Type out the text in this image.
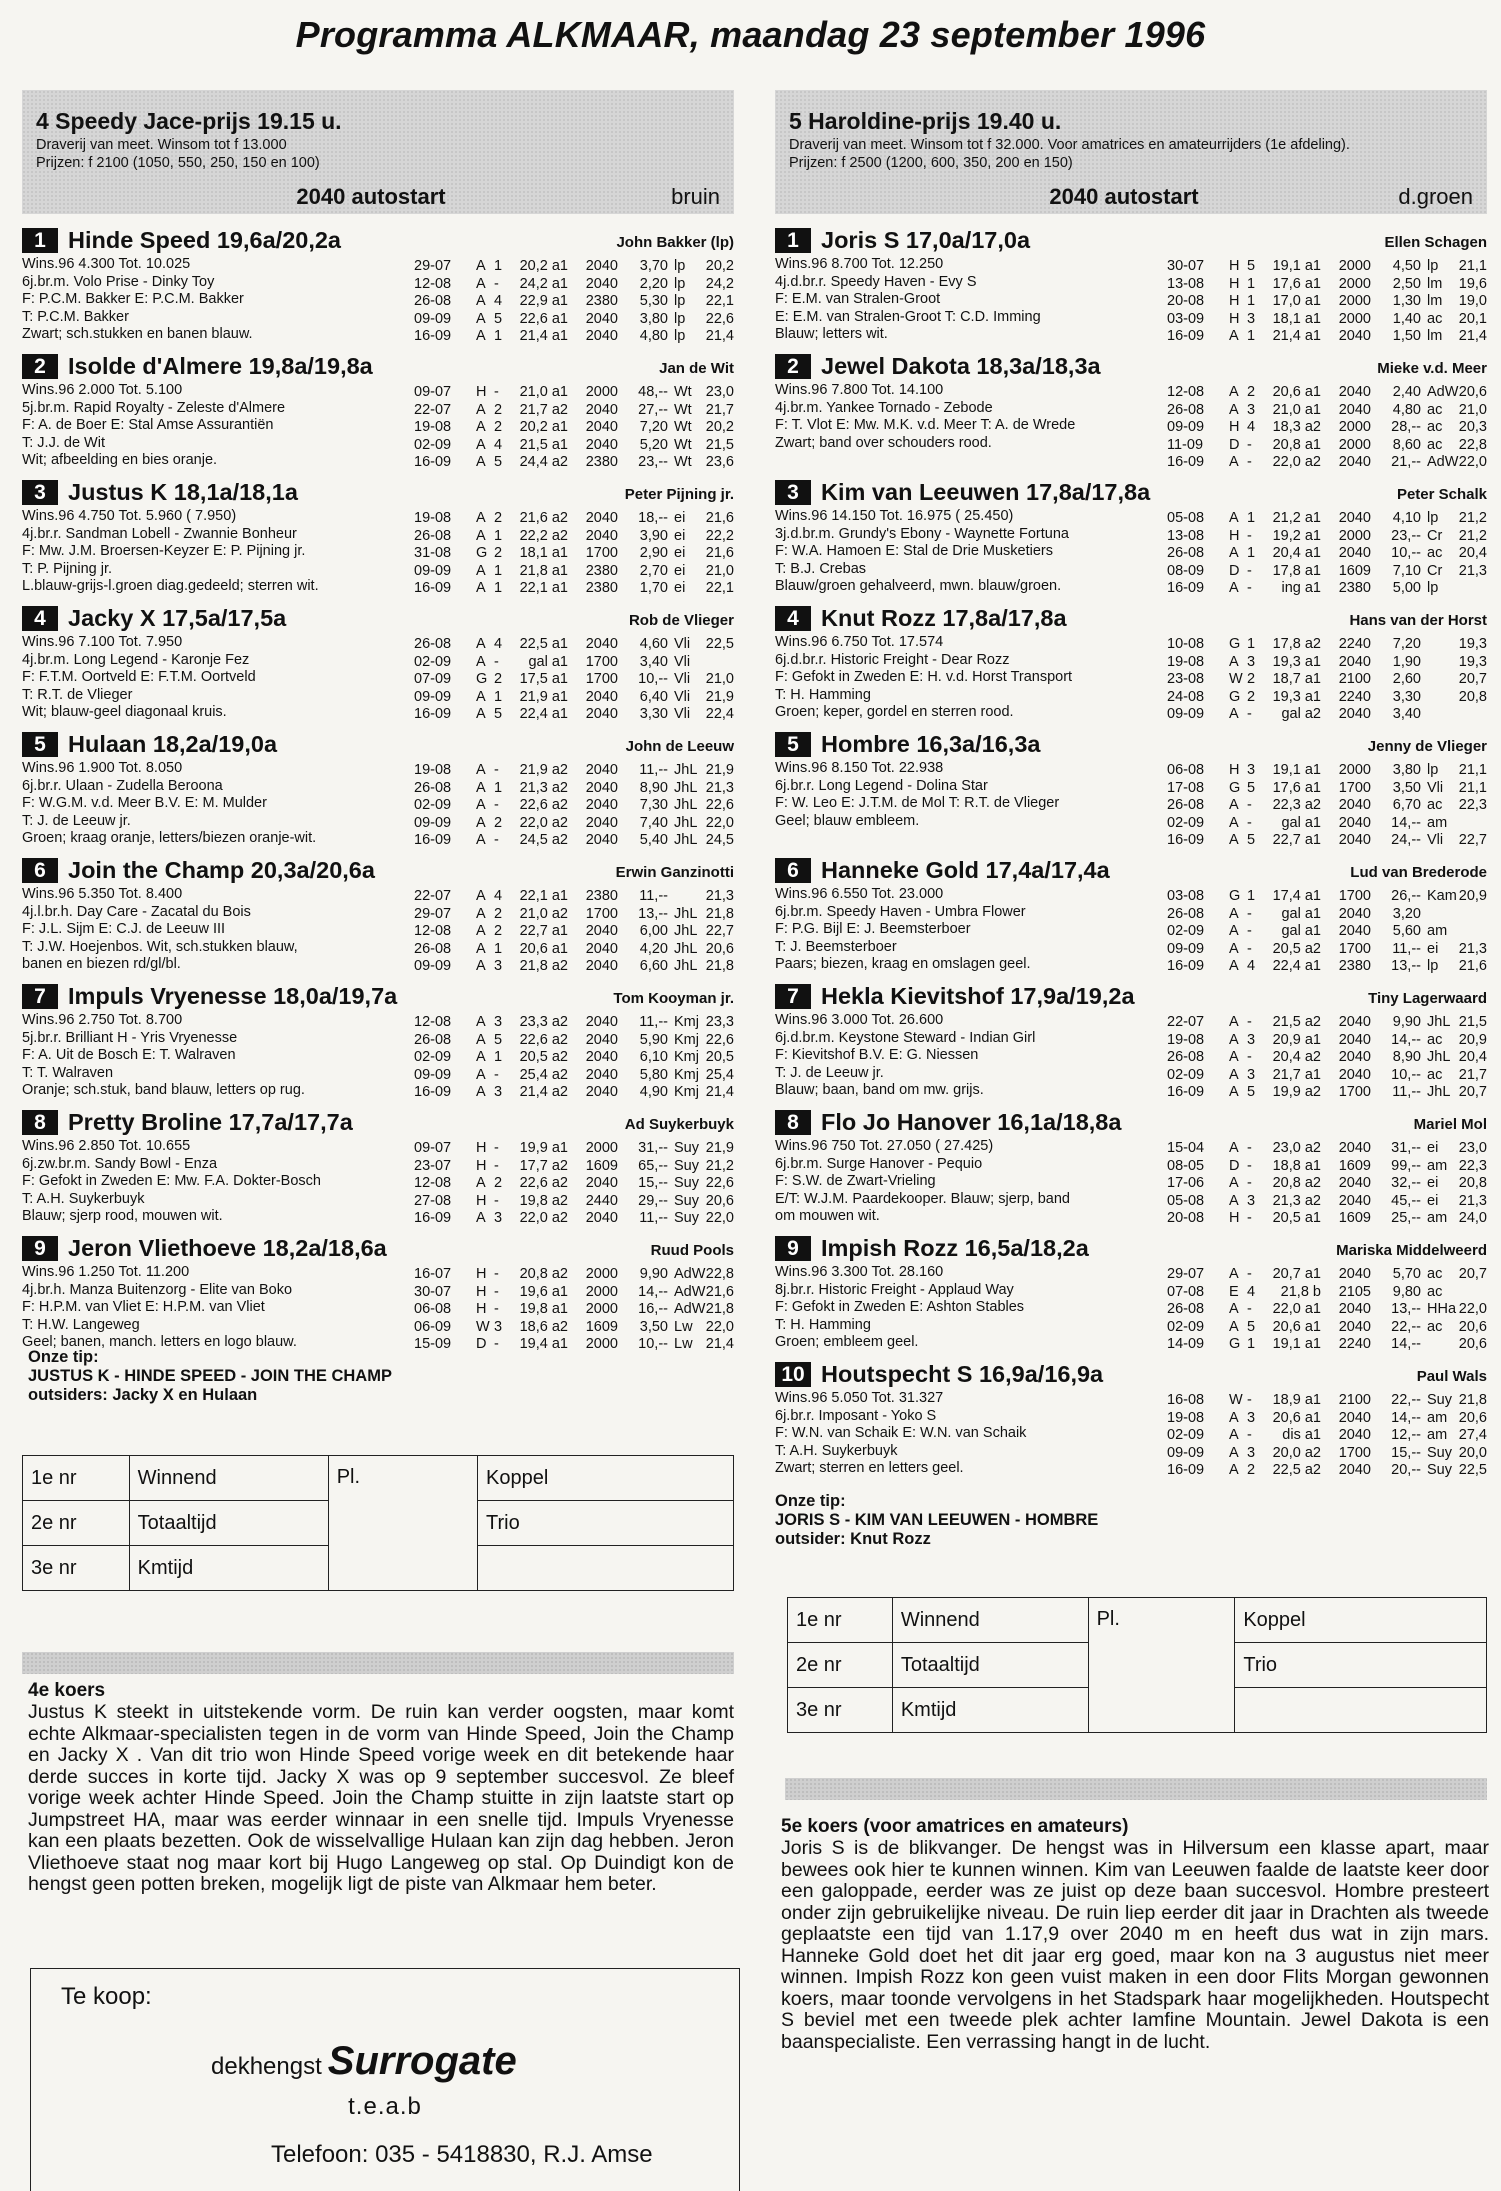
Programma ALKMAAR, maandag 23 september 1996
4 Speedy Jace-prijs 19.15 u.
Draverij van meet. Winsom tot f 13.000
Prijzen: f 2100 (1050, 550, 250, 150 en 100)
2040 autostart	bruin
1 Hinde Speed 19,6a/20,2a	John Bakker (lp)
Wins.96 4.300 Tot. 10.025
6j.br.m. Volo Prise - Dinky Toy
F: P.C.M. Bakker E: P.C.M. Bakker
T: P.C.M. Bakker
Zwart; sch.stukken en banen blauw.
29-07	A 1	20,2 a1	2040	3,70 lp	20,2
12-08	A -	24,2 a1	2040	2,20 lp	24,2
26-08	A 4	22,9 a1	2380	5,30 lp	22,1
09-09	A 5	22,6 a1	2040	3,80 lp	22,6
16-09	A 1	21,4 a1	2040	4,80 lp	21,4
2 Isolde d'Almere 19,8a/19,8a	Jan de Wit
Wins.96 2.000 Tot. 5.100
5j.br.m. Rapid Royalty - Zeleste d'Almere
F: A. de Boer E: Stal Amse Assurantiën
T: J.J. de Wit
Wit; afbeelding en bies oranje.
09-07	H -	21,0 a1	2000	48,-- Wt 23,0
22-07	A 2	21,7 a2	2040	27,-- Wt 21,7
19-08	A 2	20,2 a1	2040	7,20 Wt 20,2
02-09	A 4	21,5 a1	2040	5,20 Wt 21,5
16-09	A 5	24,4 a2	2380	23,-- Wt 23,6
3 Justus K 18,1a/18,1a	Peter Pijning jr.
Wins.96 4.750 Tot. 5.960 ( 7.950)
4j.br.r. Sandman Lobell - Zwannie Bonheur
F: Mw. J.M. Broersen-Keyzer E: P. Pijning jr.
T: P. Pijning jr.
L.blauw-grijs-l.groen diag.gedeeld; sterren wit.
19-08	A 2	21,6 a2	2040	18,-- ei	21,6
26-08	A 1	22,2 a2	2040	3,90 ei	22,2
31-08	G 2	18,1 a1	1700	2,90 ei	21,6
09-09	A 1	21,8 a1	2380	2,70 ei	21,0
16-09	A 1	22,1 a1	2380	1,70 ei	22,1
4 Jacky X 17,5a/17,5a	Rob de Vlieger
Wins.96 7.100 Tot. 7.950
4j.br.m. Long Legend - Karonje Fez
F: F.T.M. Oortveld E: F.T.M. Oortveld
T: R.T. de Vlieger
Wit; blauw-geel diagonaal kruis.
26-08	A 4	22,5 a1	2040	4,60 Vli	22,5
02-09	A -	gal a1	1700	3,40 Vli
07-09	G 2	17,5 a1	1700	10,-- Vli	21,0
09-09	A 1	21,9 a1	2040	6,40 Vli	21,9
16-09	A 5	22,4 a1	2040	3,30 Vli	22,4
5 Hulaan 18,2a/19,0a	John de Leeuw
Wins.96 1.900 Tot. 8.050
6j.br.r. Ulaan - Zudella Beroona
F: W.G.M. v.d. Meer B.V. E: M. Mulder
T: J. de Leeuw jr.
Groen; kraag oranje, letters/biezen oranje-wit.
19-08	A -	21,9 a2	2040	11,-- JhL 21,9
26-08	A 1	21,3 a2	2040	8,90 JhL 21,3
02-09	A -	22,6 a2	2040	7,30 JhL 22,6
09-09	A 2	22,0 a2	2040	7,40 JhL 22,0
16-09	A -	24,5 a2	2040	5,40 JhL 24,5
6 Join the Champ 20,3a/20,6a	Erwin Ganzinotti
Wins.96 5.350 Tot. 8.400
4j.l.br.h. Day Care - Zacatal du Bois
F: J.L. Sijm E: C.J. de Leeuw III
T: J.W. Hoejenbos. Wit, sch.stukken blauw,
banen en biezen rd/gl/bl.
22-07	A 4	22,1 a1	2380	11,--	21,3
29-07	A 2	21,0 a2	1700	13,-- JhL 21,8
12-08	A 2	22,7 a1	2040	6,00 JhL 22,7
26-08	A 1	20,6 a1	2040	4,20 JhL 20,6
09-09	A 3	21,8 a2	2040	6,60 JhL 21,8
7 Impuls Vryenesse 18,0a/19,7a	Tom Kooyman jr.
Wins.96 2.750 Tot. 8.700
5j.br.r. Brilliant H - Yris Vryenesse
F: A. Uit de Bosch E: T. Walraven
T: T. Walraven
Oranje; sch.stuk, band blauw, letters op rug.
12-08	A 3	23,3 a2	2040	11,-- Kmj 23,3
26-08	A 5	22,6 a2	2040	5,90 Kmj 22,6
02-09	A 1	20,5 a2	2040	6,10 Kmj 20,5
09-09	A -	25,4 a2	2040	5,80 Kmj 25,4
16-09	A 3	21,4 a2	2040	4,90 Kmj 21,4
8 Pretty Broline 17,7a/17,7a	Ad Suykerbuyk
Wins.96 2.850 Tot. 10.655
6j.zw.br.m. Sandy Bowl - Enza
F: Gefokt in Zweden E: Mw. F.A. Dokter-Bosch
T: A.H. Suykerbuyk
Blauw; sjerp rood, mouwen wit.
09-07	H -	19,9 a1	2000	31,-- Suy 21,9
23-07	H -	17,7 a2	1609	65,-- Suy 21,2
12-08	A 2	22,6 a2	2040	15,-- Suy 22,6
27-08	H -	19,8 a2	2440	29,-- Suy 20,6
16-09	A 3	22,0 a2	2040	11,-- Suy 22,0
9 Jeron Vliethoeve 18,2a/18,6a	Ruud Pools
Wins.96 1.250 Tot. 11.200
4j.br.h. Manza Buitenzorg - Elite van Boko
F: H.P.M. van Vliet E: H.P.M. van Vliet
T: H.W. Langeweg
Geel; banen, manch. letters en logo blauw.
16-07	H -	20,8 a2	2000	9,90 AdW 22,8
30-07	H -	19,6 a1	2000	14,-- AdW 21,6
06-08	H -	19,8 a1	2000	16,-- AdW 21,8
06-09	W 3	18,6 a2	1609	3,50 Lw 22,0
15-09	D -	19,4 a1	2000	10,-- Lw 21,4
Onze tip:
JUSTUS K - HINDE SPEED - JOIN THE CHAMP
outsiders: Jacky X en Hulaan
1e nr	Winnend	Pl.	Koppel
2e nr	Totaaltijd		Trio
3e nr	Kmtijd		
5 Haroldine-prijs 19.40 u.
Draverij van meet. Winsom tot f 32.000. Voor amatrices en amateurrijders (1e afdeling).
Prijzen: f 2500 (1200, 600, 350, 200 en 150)
2040 autostart	d.groen
1 Joris S 17,0a/17,0a	Ellen Schagen
Wins.96 8.700 Tot. 12.250
4j.d.br.r. Speedy Haven - Evy S
F: E.M. van Stralen-Groot
E: E.M. van Stralen-Groot T: C.D. Imming
Blauw; letters wit.
30-07	H 5	19,1 a1	2000	4,50 lp	21,1
13-08	H 1	17,6 a1	2000	2,50 lm	19,6
20-08	H 1	17,0 a1	2000	1,30 lm	19,0
03-09	H 3	18,1 a1	2000	1,40 ac	20,1
16-09	A 1	21,4 a1	2040	1,50 lm	21,4
2 Jewel Dakota 18,3a/18,3a	Mieke v.d. Meer
Wins.96 7.800 Tot. 14.100
4j.br.m. Yankee Tornado - Zebode
F: T. Vlot E: Mw. M.K. v.d. Meer T: A. de Wrede
Zwart; band over schouders rood.
12-08	A 2	20,6 a1	2040	2,40 AdW 20,6
26-08	A 3	21,0 a1	2040	4,80 ac	21,0
09-09	H 4	18,3 a2	2000	28,-- ac	20,3
11-09	D -	20,8 a1	2000	8,60 ac	22,8
16-09	A -	22,0 a2	2040	21,-- AdW 22,0
3 Kim van Leeuwen 17,8a/17,8a	Peter Schalk
Wins.96 14.150 Tot. 16.975 ( 25.450)
3j.d.br.m. Grundy's Ebony - Waynette Fortuna
F: W.A. Hamoen E: Stal de Drie Musketiers
T: B.J. Crebas
Blauw/groen gehalveerd, mwn. blauw/groen.
05-08	A 1	21,2 a1	2040	4,10 lp	21,2
13-08	H -	19,2 a1	2000	23,-- Cr	21,2
26-08	A 1	20,4 a1	2040	10,-- ac	20,4
08-09	D -	17,8 a1	1609	7,10 Cr	21,3
16-09	A -	ing a1	2380	5,00 lp
4 Knut Rozz 17,8a/17,8a	Hans van der Horst
Wins.96 6.750 Tot. 17.574
6j.d.br.r. Historic Freight - Dear Rozz
F: Gefokt in Zweden E: H. v.d. Horst Transport
T: H. Hamming
Groen; keper, gordel en sterren rood.
10-08	G 1	17,8 a2	2240	7,20	19,3
19-08	A 3	19,3 a1	2040	1,90	19,3
23-08	W 2	18,7 a1	2100	2,60	20,7
24-08	G 2	19,3 a1	2240	3,30	20,8
09-09	A -	gal a2	2040	3,40
5 Hombre 16,3a/16,3a	Jenny de Vlieger
Wins.96 8.150 Tot. 22.938
6j.br.r. Long Legend - Dolina Star
F: W. Leo E: J.T.M. de Mol T: R.T. de Vlieger
Geel; blauw embleem.
06-08	H 3	19,1 a1	2000	3,80 lp	21,1
17-08	G 5	17,6 a1	1700	3,50 Vli	21,1
26-08	A -	22,3 a2	2040	6,70 ac	22,3
02-09	A -	gal a1	2040	14,-- am
16-09	A 5	22,7 a1	2040	24,-- Vli	22,7
6 Hanneke Gold 17,4a/17,4a	Lud van Brederode
Wins.96 6.550 Tot. 23.000
6j.br.m. Speedy Haven - Umbra Flower
F: P.G. Bijl E: J. Beemsterboer
T: J. Beemsterboer
Paars; biezen, kraag en omslagen geel.
03-08	G 1	17,4 a1	1700	26,-- Kam 20,9
26-08	A -	gal a1	2040	3,20
02-09	A -	gal a1	2040	5,60 am
09-09	A -	20,5 a2	1700	11,-- ei	21,3
16-09	A 4	22,4 a1	2380	13,-- lp	21,6
7 Hekla Kievitshof 17,9a/19,2a	Tiny Lagerwaard
Wins.96 3.000 Tot. 26.600
6j.d.br.m. Keystone Steward - Indian Girl
F: Kievitshof B.V. E: G. Niessen
T: J. de Leeuw jr.
Blauw; baan, band om mw. grijs.
22-07	A -	21,5 a2	2040	9,90 JhL 21,5
19-08	A 3	20,9 a1	2040	14,-- ac	20,9
26-08	A -	20,4 a2	2040	8,90 JhL 20,4
02-09	A 3	21,7 a1	2040	10,-- ac	21,7
16-09	A 5	19,9 a2	1700	11,-- JhL 20,7
8 Flo Jo Hanover 16,1a/18,8a	Mariel Mol
Wins.96 750 Tot. 27.050 ( 27.425)
6j.br.m. Surge Hanover - Pequio
F: S.W. de Zwart-Vrieling
E/T: W.J.M. Paardekooper. Blauw; sjerp, band
om mouwen wit.
15-04	A -	23,0 a2	2040	31,-- ei	23,0
08-05	D -	18,8 a1	1609	99,-- am 22,3
17-06	A -	20,8 a2	2040	32,-- ei	20,8
05-08	A 3	21,3 a2	2040	45,-- ei	21,3
20-08	H -	20,5 a1	1609	25,-- am 24,0
9 Impish Rozz 16,5a/18,2a	Mariska Middelweerd
Wins.96 3.300 Tot. 28.160
8j.br.r. Historic Freight - Applaud Way
F: Gefokt in Zweden E: Ashton Stables
T: H. Hamming
Groen; embleem geel.
29-07	A -	20,7 a1	2040	5,70 ac	20,7
07-08	E 4	21,8 b	2105	9,80 ac
26-08	A -	22,0 a1	2040	13,-- HHa 22,0
02-09	A 5	20,6 a1	2040	22,-- ac	20,6
14-09	G 1	19,1 a1	2240	14,--	20,6
10 Houtspecht S 16,9a/16,9a	Paul Wals
Wins.96 5.050 Tot. 31.327
6j.br.r. Imposant - Yoko S
F: W.N. van Schaik E: W.N. van Schaik
T: A.H. Suykerbuyk
Zwart; sterren en letters geel.
16-08	W -	18,9 a1	2100	22,-- Suy 21,8
19-08	A 3	20,6 a1	2040	14,-- am 20,6
02-09	A -	dis a1	2040	12,-- am 27,4
09-09	A 3	20,0 a2	1700	15,-- Suy 20,0
16-09	A 2	22,5 a2	2040	20,-- Suy 22,5
Onze tip:
JORIS S - KIM VAN LEEUWEN - HOMBRE
outsider: Knut Rozz
1e nr	Winnend	Pl.	Koppel
2e nr	Totaaltijd		Trio
3e nr	Kmtijd		
4e koers
Justus K steekt in uitstekende vorm. De ruin kan verder oogsten, maar komt echte Alkmaar-specialisten tegen in de vorm van Hinde Speed, Join the Champ en Jacky X . Van dit trio won Hinde Speed vorige week en dit betekende haar derde succes in korte tijd. Jacky X was op 9 september succesvol. Ze bleef vorige week achter Hinde Speed. Join the Champ stuitte in zijn laatste start op Jumpstreet HA, maar was eerder winnaar in een snelle tijd. Impuls Vryenesse kan een plaats bezetten. Ook de wisselvallige Hulaan kan zijn dag hebben. Jeron Vliethoeve staat nog maar kort bij Hugo Langeweg op stal. Op Duindigt kon de hengst geen potten breken, mogelijk ligt de piste van Alkmaar hem beter.
5e koers (voor amatrices en amateurs)
Joris S is de blikvanger. De hengst was in Hilversum een klasse apart, maar bewees ook hier te kunnen winnen. Kim van Leeuwen faalde de laatste keer door een galoppade, eerder was ze juist op deze baan succesvol. Hombre presteert onder zijn gebruikelijke niveau. De ruin liep eerder dit jaar in Drachten als tweede geplaatste een tijd van 1.17,9 over 2040 m en heeft dus wat in zijn mars. Hanneke Gold doet het dit jaar erg goed, maar kon na 3 augustus niet meer winnen. Impish Rozz kon geen vuist maken in een door Flits Morgan gewonnen koers, maar toonde vervolgens in het Stadspark haar mogelijkheden. Houtspecht S beviel met een tweede plek achter Iamfine Mountain. Jewel Dakota is een baanspecialiste. Een verrassing hangt in de lucht.
Te koop:
dekhengst Surrogate
t.e.a.b
Telefoon: 035 - 5418830, R.J. Amse
